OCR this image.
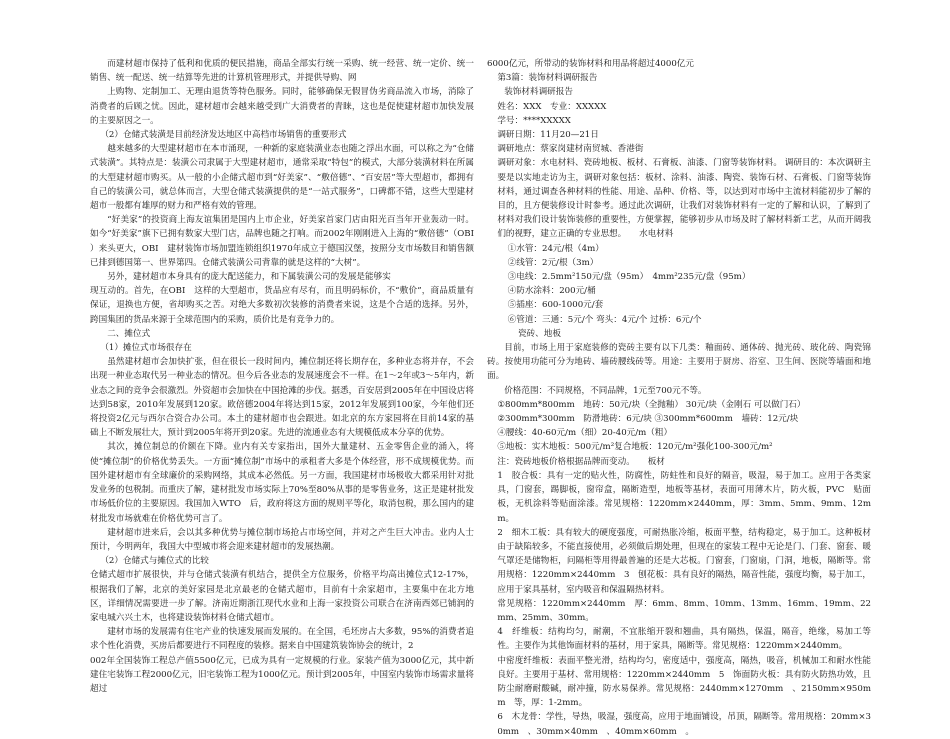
而建材超市保持了低利和优质的便民措施，商品全部实行统一采购、统一经营、统一定价、统一销售、统一配送、统一结算等先进的计算机管理形式，并提供导购、网

上购物、定制加工、无理由退货等特色服务。同时，能够确保无假冒伪劣商品流入市场，消除了消费者的后顾之忧。因此，建材超市会越来越受到广大消费者的青睐，这也是促使建材超市加快发展的主要原因之一。

（2）仓储式装潢是目前经济发达地区中高档市场销售的重要形式

越来越多的大型建材超市在本市涌现，一种新的家庭装潢业态也随之浮出水面，可以称之为“仓储式装潢”。其特点是：装潢公司隶属于大型建材超市，通常采取“特包”的模式，大部分装潢材料在所属的大型建材超市购买。从一般的小企储式超市到“好美家”、“敷倍德”、“百安居”等大型超市，都拥有自己的装潢公司，就总体而言，大型仓储式装潢提供的是“一站式服务”，口碑都不错，这些大型建材超市一般都有雄厚的财力和严格有效的管理。

“好美家”的投资商上海友谊集团是国内上市企业，好美家首家门店由阳光百当年开业轰动一时。如今“好美家”旗下已拥有数家大型门店，品牌也随之打响。而2002年刚刚进入上海的“敷倍德”（OBI　）来头更大，OBI　建材装饰市场加盟连锁组织1970年成立于德国汉堡，按照分支市场数目和销售额已排到德国第一、世界第四。仓储式装潢公司背靠的就是这样的“大树”。

另外，建材超市本身具有的庞大配送能力，和下属装潢公司的发展是能够实

现互动的。首先，在OBI　这样的大型超市，货品应有尽有，而且明码标价，不“敷价”，商品质量有保证，退换也方便，省却购买之苦。对绝大多数初次装修的消费者来说，这是个合适的选择。另外，跨国集团的货品来源于全球范围内的采购，质价比是有竞争力的。

二、摊位式

（1）摊位式市场很存在

虽然建材超市会加快扩张，但在很长一段时间内，摊位制还将长期存在，多种业态将并存，不会出现一种业态取代另一种业态的情况。但今后各业态的发展速度会不一样。在1～2年或3～5年内，新业态之间的竞争会很激烈。外资超市会加快在中国抢滩的步伐。据悉，百安居到2005年在中国设店将达到58家，2010年发展到120家。欧倍德2004年将达到15家，2012年发展到100家，今年他们还将投资2亿元与西尔合资合办公司。本土的建材超市也会跟进。如北京的东方家园将在目前14家的基础上不断发展壮大，预计到2005年将开到20家。先进的流通业态有大规模低成本分享的优势。

其次，摊位制总的价额在下降。业内有关专家指出，国外大量建材、五金零售企业的涌入，将使“摊位制”的价格优势丢失。一方面“摊位制”市场中的承租者大多是个体经营，形不成规模优势。而国外建材超市有全球廉价的采购网络，其成本必然低。另一方面，我国建材市场极收大都采用针对批发业务的包税制。而重庆了解，建材批发市场实际上70%至80%从事的是零售业务，这正是建材批发市场低价位的主要原因。我国加入WTO　后，政府将这方面的规则平等化，取消包税，那么国内的建材批发市场就难在价格优势可言了。

建材超市进来后，会以其多种优势与摊位制市场抢占市场空间，并对之产生巨大冲击。业内人士预计，今明两年，我国大中型城市将会迎来建材超市的发展热潮。

（2）仓储式与摊位式的比较

仓储式超市扩展很快，并与仓储式装潢有机结合，提供全方位服务，价格平均高出摊位式12-17%，根据我们了解，北京的美好家园是北京最老的仓储式超市，目前有十余家超市，主要集中在北方地区，详细情况需要进一步了解。济南近期浙江现代水业和上海一家投资公司联合在济南西郊已铺润的家电城六兴土木，也将建设装饰材料仓储式超市。

建材市场的发展需有住宅产业的快速发展而发展的。在全国，毛坯房占大多数，95%的消费者追求个性化消费，买房后都要进行不同程度的装修。据来自中国建筑装饰协会的统计，2

002年全国装饰工程总产值5500亿元，已成为具有一定规模的行业。家装产值为3000亿元，其中新建住宅装饰工程2000亿元，旧宅装饰工程为1000亿元。预计到2005年，中国室内装饰市场需求量将超过

6000亿元，所带动的装饰材料和用品将超过4000亿元

第3篇：装饰材料调研报告

装饰材料调研报告

姓名：XXX　专业：XXXXX

学号：****XXXXX

调研日期：11月20—21日

调研地点：蔡家岗建材南贸城、香港街

调研对象：水电材料、瓷砖地板、板材、石膏板、油漆、门窗等装饰材料。 调研目的：本次调研主要是以实地走访为主，调研对象包括：板材、涂料、油漆、陶瓷、装饰石材、石膏板、门窗等装饰材料，通过调查各种材料的性能、用途、品种、价格、等，以达到对市场中主流材料能初步了解的目的，且方便装修设计时参考。通过此次调研，让我们对装饰材料有一定的了解和认识，了解到了材料对我们设计装饰装修的重要性，方便掌握，能够初步从市场及时了解材料新工艺，从而开阔我们的视野，建立正确的专业思想。　　水电材料

①水管：24元/根（4m）

②线管：2元/根（3m）

③电线：2.5mm²150元/盘（95m）　4mm²235元/盘（95m）

④防水涂料：200元/桶

⑤插座：600-1000元/套

⑥管道：三通：5元/个 弯头：4元/个 过桥：6元/个

瓷砖、地板

目前，市场上用于家庭装修的瓷砖主要有以下几类：釉面砖、通体砖、抛光砖、玻化砖、陶瓷锦砖。按使用功能可分为地砖、墙砖腰线砖等。用途：主要用于厨房、浴室、卫生间、医院等墙面和地面。

价格范围：不同规格，不同品牌，1元至700元不等。

①800mm*800mm　地砖：50元/块（全抛釉） 30元/块（金刚石 可以做门石）

②300mm*300mm　防滑地砖：6元/块 ③300mm*600mm　墙砖：12元/块

④腰线：40-60元/m（细）20-40元/m（粗）

⑤地板：实木地板：500元/m²复合地板：120元/m²强化100-300元/m²

注：瓷砖地板价格根据品牌而变动。　　板材

1　胶合板：具有一定的贴火性，防腐性，防蛀性和良好的隔音，吸湿，易于加工。应用于各类家具，门窗套，踢脚板，窗帘盒，隔断造型，地板等基材，表面可用薄木片，防火板，PVC　贴面板，无机涂料等贴面涂漆。常见规格：1220mm×2440mm，厚：3mm、5mm、9mm、12mm。

2　细木工板：具有较大的硬度强度，可耐热胀冷缩，板面平整，结构稳定，易于加工。这种板材由于缺陷较多，不能直接使用，必须做后期处理，但现在的家装工程中无论是门、门套、窗套、暖气罩还是储物柜，问隔柜等用得最普遍的还是大芯板。门窗套，门窗扇，门洞，地板，隔断等。常用规格：1220mm×2440mm　3　刨花板：具有良好的隔热，隔音性能，强度均衡，易于加工，应用于家具基材，室内吸音和保温隔热材料。

常见规格：1220mm×2440mm　厚：6mm、8mm、10mm、13mm、16mm、19mm、22mm、25mm、30mm。

4　纤维板：结构均匀，耐潮，不宜胀缩开裂和翘曲，具有隔热，保温，隔音，绝缘，易加工等性。主要作为其他饰面材料的基材，用于家具，隔断等。常见规格：1220mm×2440mm。

中密度纤维板：表面平整光滑，结构均匀，密度适中，强度高，隔热，吸音，机械加工和耐水性能良好。主要用于基材、常用规格：1220mm×2440mm　5　饰面防火板：具有防火防热功效，且防尘耐磨耐酸碱，耐冲撞，防水易保养。常见规格：2440mm×1270mm　、2150mm×950mm　等，厚：1-2mm。

6　木龙骨：学性，导热，吸湿，强度高，应用于地面铺设，吊顶，隔断等。常用规格：20mm×30mm　、30mm×40mm　、40mm×60mm　。
